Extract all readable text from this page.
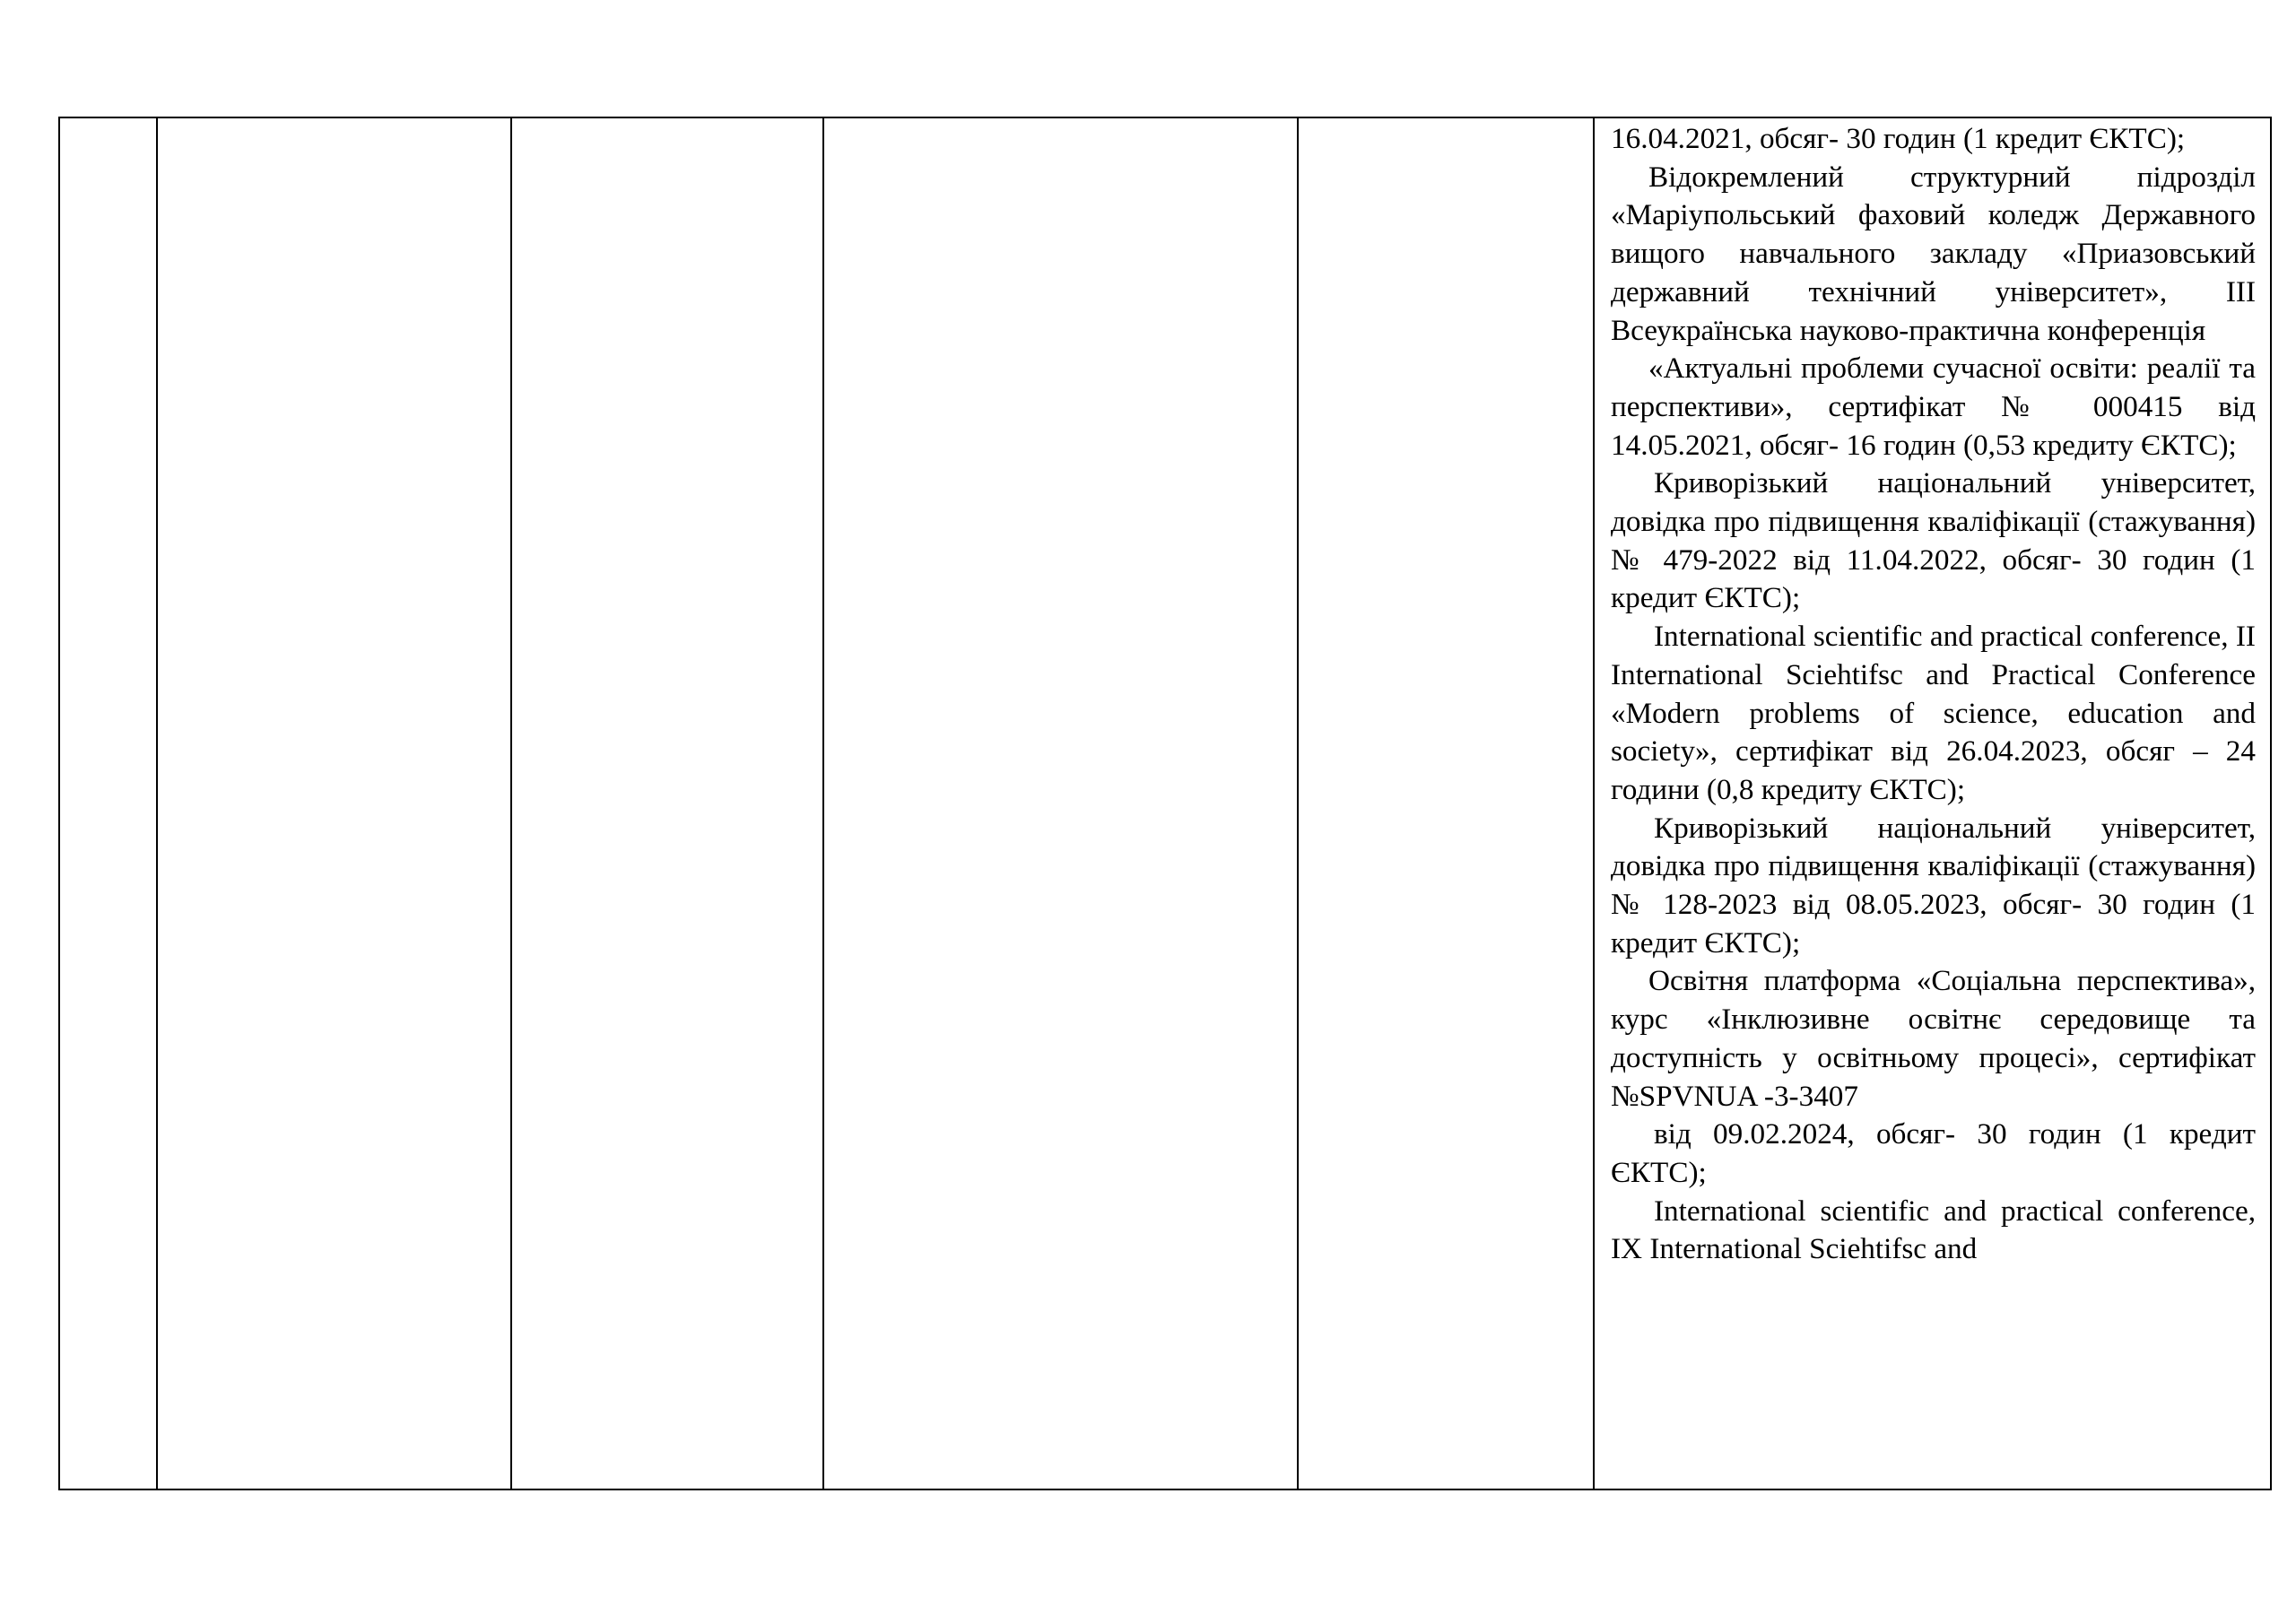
16.04.2021, обсяг- 30 годин (1 кредит ЄКТС);

Відокремлений структурний підрозділ «Маріупольський фаховий коледж Державного вищого навчального закладу «Приазовський державний технічний університет», III Всеукраїнська науково-практична конференція

«Актуальні проблеми сучасної освіти: реалії та перспективи», сертифікат № 000415 від 14.05.2021, обсяг- 16 годин (0,53 кредиту ЄКТС);

Криворізький національний університет, довідка про підвищення кваліфікації (стажування) № 479-2022 від 11.04.2022, обсяг- 30 годин (1 кредит ЄКТС);

International scientific and practical conference, II International Sciehtifsc and Practical Conference «Modern problems of science, education and society», сертифікат від 26.04.2023, обсяг – 24 години (0,8 кредиту ЄКТС);

Криворізький національний університет, довідка про підвищення кваліфікації (стажування) № 128-2023 від 08.05.2023, обсяг- 30 годин (1 кредит ЄКТС);

Освітня платформа «Соціальна перспектива», курс «Інклюзивне освітнє середовище та доступність у освітньому процесі», сертифікат №SPVNUA -3-3407

від 09.02.2024, обсяг- 30 годин (1 кредит ЄКТС);

International scientific and practical conference, IX International Sciehtifsc and
